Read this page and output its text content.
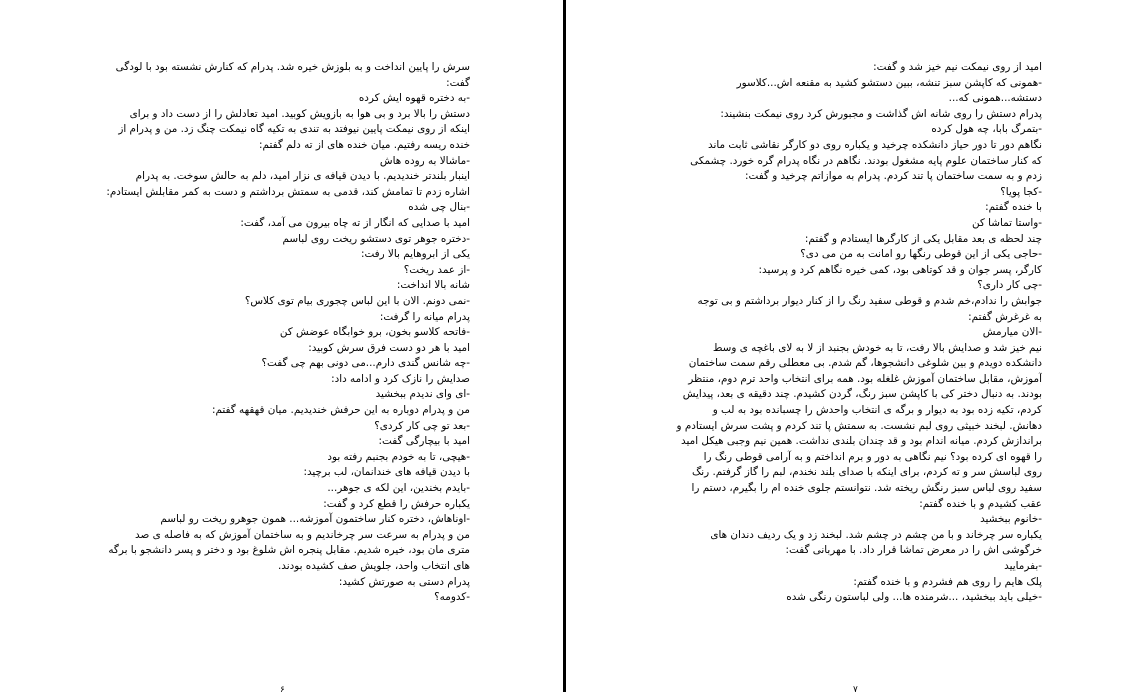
سرش را پایین انداخت و به بلوزش خیره شد. پدرام که کنارش نشسته بود با لودگی
گفت:
-به دختره قهوه ایش کرده
دستش را بالا برد و بی هوا به بازویش کوبید. امید تعادلش را از دست داد و برای
اینکه از روی نیمکت پایین نیوفتد به تندی به تکیه گاه نیمکت چنگ زد. من و پدرام از
خنده ریسه رفتیم. میان خنده های از ته دلم گفتم:
-ماشالا به روده هاش
اینبار بلندتر خندیدیم. با دیدن قیافه ی نزار امید، دلم به حالش سوخت. به پدرام
اشاره زدم تا تمامش کند، قدمی به سمتش برداشتم و دست به کمر مقابلش ایستادم:
-بنال چی شده
امید با صدایی که انگار از ته چاه بیرون می آمد، گفت:
-دختره جوهر توی دستشو ریخت روی لباسم
یکی از ابروهایم بالا رفت:
-از عمد ریخت؟
شانه بالا انداخت:
-نمی دونم. الان با این لباس چجوری بیام توی کلاس؟
پدرام میانه را گرفت:
-فاتحه کلاسو بخون، برو خوابگاه عوضش کن
امید با هر دو دست فرق سرش کوبید:
-چه شانس گندی دارم...می دونی بهم چی گفت؟
صدایش را نازک کرد و ادامه داد:
-ای وای ندیدم ببخشید
من و پدرام دوباره به این حرفش خندیدیم. میان قهقهه گفتم:
-بعد تو چی کار کردی؟
امید با بیچارگی گفت:
-هیچی، تا به خودم بجنبم رفته بود
با دیدن قیافه های خندانمان، لب برچید:
-بایدم بخندین، این لکه ی جوهر...
یکباره حرفش را قطع کرد و گفت:
-اوناهاش، دختره کنار ساختمون آموزشه... همون جوهرو ریخت رو لباسم
من و پدرام به سرعت سر چرخاندیم و به ساختمان آموزش که به فاصله ی صد
متری مان بود، خیره شدیم. مقابل پنجره اش شلوغ بود و دختر و پسر دانشجو با برگه
های انتخاب واحد، جلویش صف کشیده بودند.
پدرام دستی به صورتش کشید:
-کدومه؟
امید از روی نیمکت نیم خیز شد و گفت:
-همونی که کاپشن سبز تنشه، ببین دستشو کشید به مقنعه اش...کلاسور
دستشه...همونی که...
پدرام دستش را روی شانه اش گذاشت و مجبورش کرد روی نیمکت بنشیند:
-بتمرگ بابا، چه هول کرده
نگاهم دور تا دور حیاز دانشکده چرخید و یکباره روی دو کارگر نقاشی ثابت ماند
که کنار ساختمان علوم پایه مشغول بودند. نگاهم در نگاه پدرام گره خورد. چشمکی
زدم و به سمت ساختمان پا تند کردم. پدرام به موازاتم چرخید و گفت:
-کجا پویا؟
با خنده گفتم:
-واستا تماشا کن
چند لحظه ی بعد مقابل یکی از کارگرها ایستادم و گفتم:
-حاجی یکی از این قوطی رنگها رو امانت به من می دی؟
کارگر، پسر جوان و قد کوتاهی بود، کمی خیره نگاهم کرد و پرسید:
-چی کار داری؟
جوابش را ندادم،خم شدم و قوطی سفید رنگ را از کنار دیوار برداشتم و بی توجه
به غرغرش گفتم:
-الان میارمش
نیم خیز شد و صدایش بالا رفت، تا به خودش بجنبد از لا به لای باغچه ی وسط
دانشکده دویدم و بین شلوغی دانشجوها، گم شدم. بی معطلی رقم سمت ساختمان
آموزش، مقابل ساختمان آموزش غلغله بود. همه برای انتخاب واحد ترم دوم، منتظر
بودند. به دنبال دختر کی با کاپشن سبز رنگ، گردن کشیدم. چند دقیقه ی بعد، پیدایش
کردم، تکیه زده بود به دیوار و برگه ی انتخاب واحدش را چسبانده بود به لب و
دهانش. لبخند خبیثی روی لبم نشست. به سمتش پا تند کردم و پشت سرش ایستادم و
براندازش کردم. میانه اندام بود و قد چندان بلندی نداشت. همین نیم وجبی هیکل امید
را قهوه ای کرده بود؟ نیم نگاهی به دور و برم انداختم و به آرامی قوطی رنگ را
روی لباسش سر و ته کردم، برای اینکه با صدای بلند نخندم، لبم را گاز گرفتم. رنگ
سفید روی لباس سبز رنگش ریخته شد. نتوانستم جلوی خنده ام را بگیرم، دستم را
عقب کشیدم و با خنده گفتم:
-خانوم ببخشید
یکباره سر چرخاند و با من چشم در چشم شد. لبخند زد و یک ردیف دندان های
خرگوشی اش را در معرض تماشا قرار داد. با مهربانی گفت:
-بفرمایید
پلک هایم را روی هم فشردم و با خنده گفتم:
-خیلی باید ببخشید، ...شرمنده ها... ولی لباستون رنگی شده
۶	۷
